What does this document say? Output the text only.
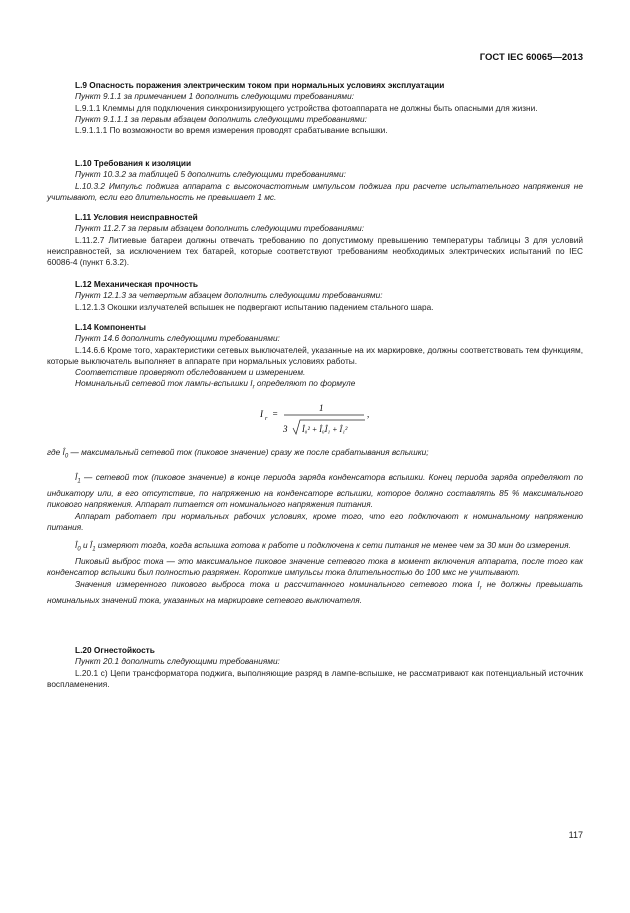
ГОСТ IEC 60065—2013
L.9 Опасность поражения электрическим током при нормальных условиях эксплуатации
Пункт 9.1.1 за примечанием 1 дополнить следующими требованиями:

L.9.1.1 Клеммы для подключения синхронизирующего устройства фотоаппарата не должны быть опасными для жизни.

Пункт 9.1.1.1 за первым абзацем дополнить следующими требованиями:

L.9.1.1.1 По возможности во время измерения проводят срабатывание вспышки.

L.10 Требования к изоляции
Пункт 10.3.2 за таблицей 5 дополнить следующими требованиями:

L.10.3.2 Импульс поджига аппарата с высокочастотным импульсом поджига при расчете испытательного напряжения не учитывают, если его длительность не превышает 1 мс.

L.11 Условия неисправностей
Пункт 11.2.7 за первым абзацем дополнить следующими требованиями:

L.11.2.7 Литиевые батареи должны отвечать требованию по допустимому превышению температуры таблицы 3 для условий неисправностей, за исключением тех батарей, которые соответствуют требованиям необходимых электрических испытаний по IEC 60086-4 (пункт 6.3.2).

L.12 Механическая прочность
Пункт 12.1.3 за четвертым абзацем дополнить следующими требованиями:

L.12.1.3 Окошки излучателей вспышек не подвергают испытанию падением стального шара.

L.14 Компоненты
Пункт 14.6 дополнить следующими требованиями:

L.14.6.6 Кроме того, характеристики сетевых выключателей, указанные на их маркировке, должны соответствовать тем функциям, которые выключатель выполняет в аппарате при нормальных условиях работы.

Соответствие проверяют обследованием и измерением.
Номинальный сетевой ток лампы-вспышки $I_r$ определяют по формуле
I r =
1
,
3 Î₀² + Î₀Î₁ + Î₁²
где $Î_0$ — максимальный сетевой ток (пиковое значение) сразу же после срабатывания вспышки;

$Î_1$ — сетевой ток (пиковое значение) в конце периода заряда конденсатора вспышки. Конец периода заряда определяют по индикатору или, в его отсутствие, по напряжению на конденсаторе вспышки, которое должно составлять 85 % максимального пикового напряжения. Аппарат питается от номинального напряжения питания.

Аппарат работает при нормальных рабочих условиях, кроме того, что его подключают к номинальному напряжению питания.

$Î_0$ и $Î_1$ измеряют тогда, когда вспышка готова к работе и подключена к сети питания не менее чем за 30 мин до измерения.

Пиковый выброс тока — это максимальное пиковое значение сетевого тока в момент включения аппарата, после того как конденсатор вспышки был полностью разряжен. Короткие импульсы тока длительностью до 100 мкс не учитывают.

Значения измеренного пикового выброса тока и рассчитанного номинального сетевого тока $I_r$ не должны превышать номинальных значений тока, указанных на маркировке сетевого выключателя.

L.20 Огнестойкость
Пункт 20.1 дополнить следующими требованиями:

L.20.1 с) Цепи трансформатора поджига, выполняющие разряд в лампе-вспышке, не рассматривают как потенциальный источник воспламенения.

117
